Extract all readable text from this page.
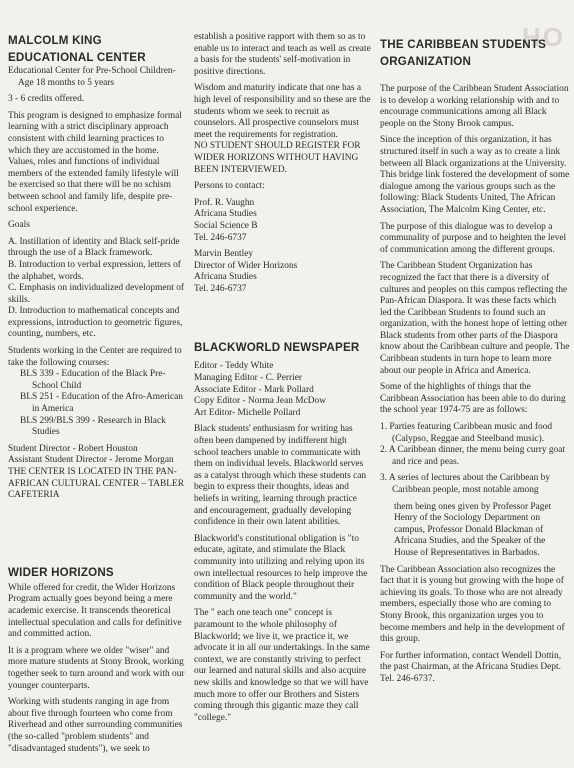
HO
MALCOLM KING
EDUCATIONAL CENTER

Educational Center for Pre-School Children- Age 18 months to 5 years

3 - 6 credits offered.

This program is designed to emphasize formal learning with a strict disciplinary approach consistent with child learning practices to which they are accustomed in the home. Values, roles and functions of individual members of the extended family lifestyle will be exercised so that there will be no schism between school and family life, despite pre-school experience.

Goals

A. Instillation of identity and Black self-pride through the use of a Black framework.

B. Introduction to verbal expression, letters of the alphabet, words.

C. Emphasis on individualized development of skills.

D. Introduction to mathematical concepts and expressions, introduction to geometric figures, counting, numbers, etc.

Students working in the Center are required to take the following courses:

BLS 339 - Education of the Black Pre-School Child

BLS 251 - Education of the Afro-American in America

BLS 299/BLS 399 - Research in Black Studies

Student Director - Robert Houston

Assistant Student Director - Jerome Morgan

THE CENTER IS LOCATED IN THE PAN-AFRICAN CULTURAL CENTER – TABLER CAFETERIA

WIDER HORIZONS

While offered for credit, the Wider Horizons Program actually goes beyond being a mere academic exercise. It transcends theoretical intellectual speculation and calls for definitive and committed action.

It is a program where we older "wiser" and more mature students at Stony Brook, working together seek to turn around and work with our younger counterparts.

Working with students ranging in age from about five through fourteen who come from Riverhead and other surrounding communities (the so-called "problem students" and "disadvantaged students"), we seek to

establish a positive rapport with them so as to enable us to interact and teach as well as create a basis for the students' self-motivation in positive directions.

Wisdom and maturity indicate that one has a high level of responsibility and so these are the students whom we seek to recruit as counselors. All prospective counselors must meet the requirements for registration.

NO STUDENT SHOULD REGISTER FOR WIDER HORIZONS WITHOUT HAVING BEEN INTERVIEWED.

Persons to contact:

Prof. R. Vaughn

Africana Studies

Social Science B

Tel. 246-6737

Marvin Bentley

Director of Wider Horizons

Africana Studies

Tel. 246-6737

BLACKWORLD NEWSPAPER

Editor - Teddy White

Managing Editor - C. Perrier

Associate Editor - Mark Pollard

Copy Editor - Norma Jean McDow

Art Editor- Michelle Pollard

Black students' enthusiasm for writing has often been dampened by indifferent high school teachers unable to communicate with them on individual levels. Blackworld serves as a catalyst through which these students can begin to express their thoughts, ideas and beliefs in writing, learning through practice and encouragement, gradually developing confidence in their own latent abilities.

Blackworld's constitutional obligation is "to educate, agitate, and stimulate the Black community into utilizing and relying upon its own intellectual resources to help improve the condition of Black people throughout their community and the world."

The " each one teach one" concept is paramount to the whole philosophy of Blackworld; we live it, we practice it, we advocate it in all our undertakings. In the same context, we are constantly striving to perfect our learned and natural skills and also acquire new skills and knowledge so that we will have much more to offer our Brothers and Sisters coming through this gigantic maze they call "college."

THE CARIBBEAN STUDENTS
ORGANIZATION

The purpose of the Caribbean Student Association is to develop a working relationship with and to encourage communications among all Black people on the Stony Brook campus.

Since the inception of this organization, it has structured itself in such a way as to create a link between all Black organizations at the University. This bridge link fostered the development of some dialogue among the various groups such as the following: Black Students United, The African Association, The Malcolm King Center, etc.

The purpose of this dialogue was to develop a communality of purpose and to heighten the level of communication among the different groups.

The Caribbean Student Organization has recognized the fact that there is a diversity of cultures and peoples on this campus reflecting the Pan-African Diaspora. It was these facts which led the Caribbean Students to found such an organization, with the honest hope of letting other Black students from other parts of the Diaspora know about the Caribbean culture and people. The Caribbean students in turn hope to learn more about our people in Africa and America.

Some of the highlights of things that the Caribbean Association has been able to do during the school year 1974-75 are as follows:

1. Parties featuring Caribbean music and food (Calypso, Reggae and Steelband music).

2. A Caribbean dinner, the menu being curry goat and rice and peas.

3. A series of lectures about the Caribbean by Caribbean people, most notable among

them being ones given by Professor Paget Henry of the Sociology Department on campus, Professor Donald Blackman of Africana Studies, and the Speaker of the House of Representatives in Barbados.

The Caribbean Association also recognizes the fact that it is young but growing with the hope of achieving its goals. To those who are not already members, especially those who are coming to Stony Brook, this organization urges you to become members and help in the development of this group.

For further information, contact Wendell Dottin, the past Chairman, at the Africana Studies Dept. Tel. 246-6737.
